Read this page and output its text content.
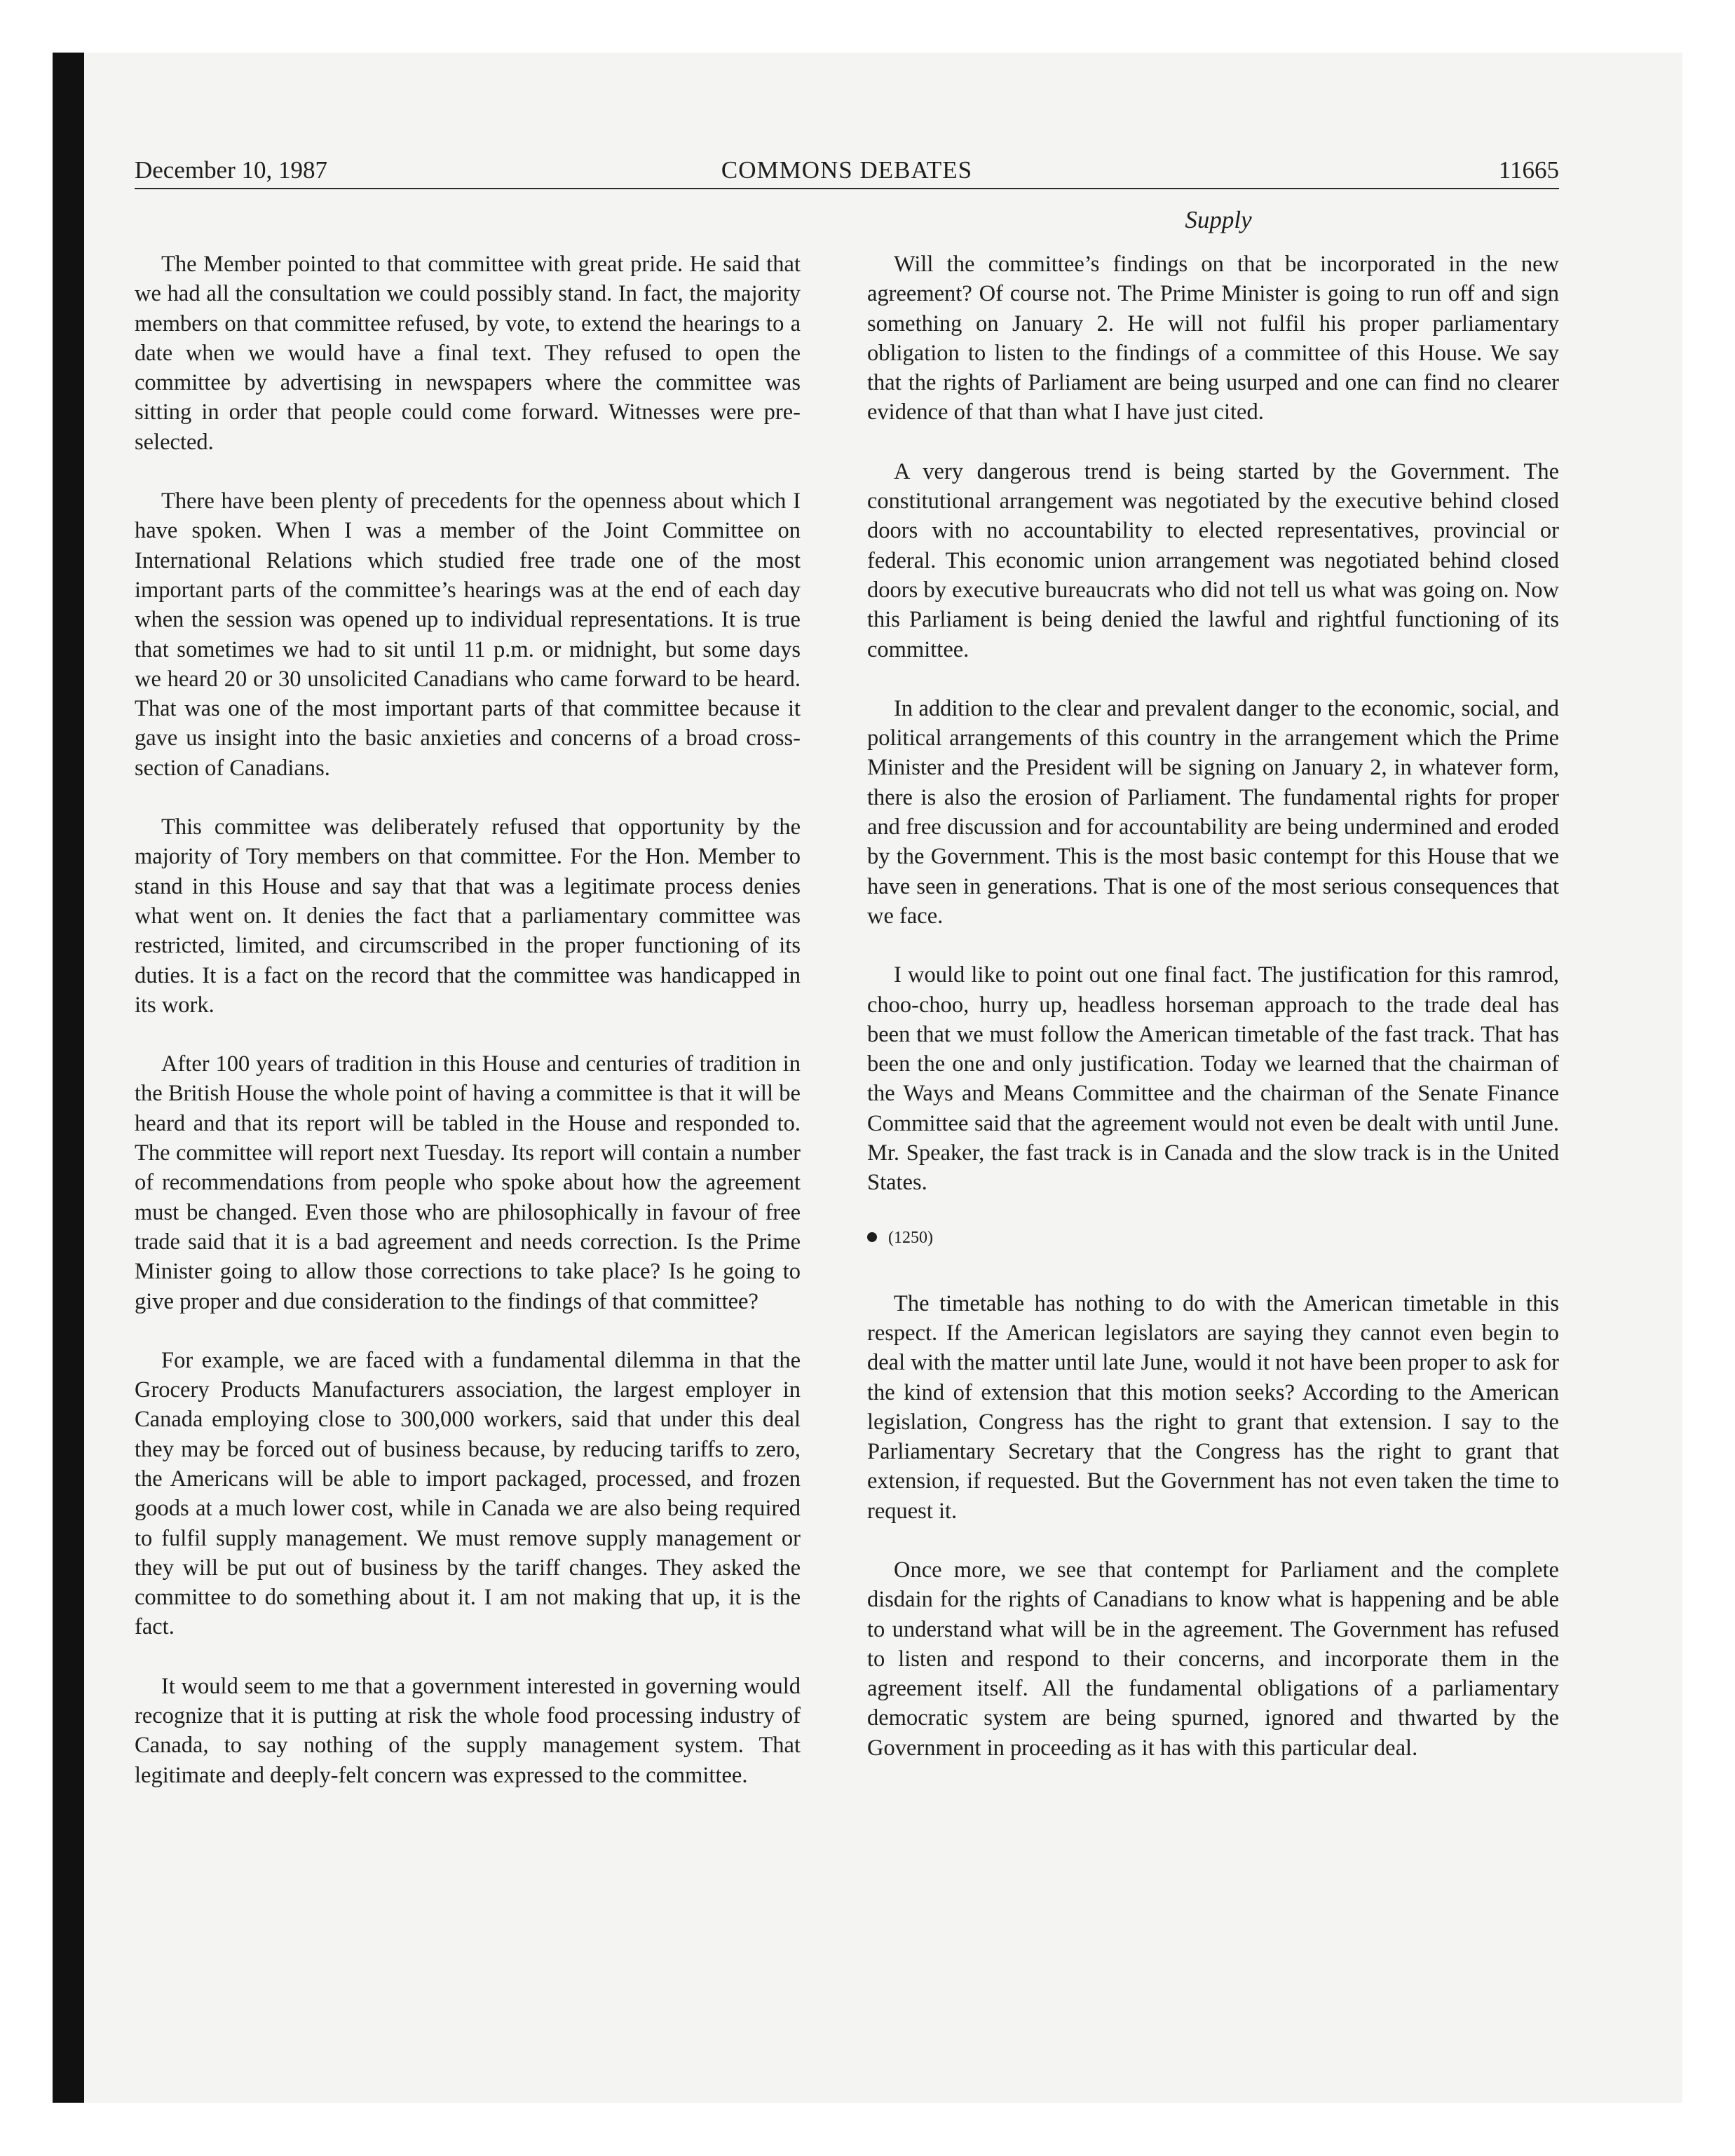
December 10, 1987	COMMONS DEBATES	11665
Supply

The Member pointed to that committee with great pride. He said that we had all the consultation we could possibly stand. In fact, the majority members on that committee refused, by vote, to extend the hearings to a date when we would have a final text. They refused to open the committee by advertising in newspapers where the committee was sitting in order that people could come forward. Witnesses were pre-selected.

There have been plenty of precedents for the openness about which I have spoken. When I was a member of the Joint Committee on International Relations which studied free trade one of the most important parts of the committee’s hearings was at the end of each day when the session was opened up to individual representations. It is true that sometimes we had to sit until 11 p.m. or midnight, but some days we heard 20 or 30 unsolicited Canadians who came forward to be heard. That was one of the most important parts of that committee because it gave us insight into the basic anxieties and concerns of a broad cross-section of Canadians.

This committee was deliberately refused that opportunity by the majority of Tory members on that committee. For the Hon. Member to stand in this House and say that that was a legitimate process denies what went on. It denies the fact that a parliamentary committee was restricted, limited, and circumscribed in the proper functioning of its duties. It is a fact on the record that the committee was handicapped in its work.

After 100 years of tradition in this House and centuries of tradition in the British House the whole point of having a committee is that it will be heard and that its report will be tabled in the House and responded to. The committee will report next Tuesday. Its report will contain a number of recommendations from people who spoke about how the agreement must be changed. Even those who are philosophically in favour of free trade said that it is a bad agreement and needs correction. Is the Prime Minister going to allow those corrections to take place? Is he going to give proper and due consideration to the findings of that committee?

For example, we are faced with a fundamental dilemma in that the Grocery Products Manufacturers association, the largest employer in Canada employing close to 300,000 workers, said that under this deal they may be forced out of business because, by reducing tariffs to zero, the Americans will be able to import packaged, processed, and frozen goods at a much lower cost, while in Canada we are also being required to fulfil supply management. We must remove supply management or they will be put out of business by the tariff changes. They asked the committee to do something about it. I am not making that up, it is the fact.

It would seem to me that a government interested in governing would recognize that it is putting at risk the whole food processing industry of Canada, to say nothing of the supply management system. That legitimate and deeply-felt concern was expressed to the committee.

Will the committee’s findings on that be incorporated in the new agreement? Of course not. The Prime Minister is going to run off and sign something on January 2. He will not fulfil his proper parliamentary obligation to listen to the findings of a committee of this House. We say that the rights of Parliament are being usurped and one can find no clearer evidence of that than what I have just cited.

A very dangerous trend is being started by the Government. The constitutional arrangement was negotiated by the executive behind closed doors with no accountability to elected representatives, provincial or federal. This economic union arrangement was negotiated behind closed doors by executive bureaucrats who did not tell us what was going on. Now this Parliament is being denied the lawful and rightful functioning of its committee.

In addition to the clear and prevalent danger to the economic, social, and political arrangements of this country in the arrangement which the Prime Minister and the President will be signing on January 2, in whatever form, there is also the erosion of Parliament. The fundamental rights for proper and free discussion and for accountability are being undermined and eroded by the Government. This is the most basic contempt for this House that we have seen in generations. That is one of the most serious consequences that we face.

I would like to point out one final fact. The justification for this ramrod, choo-choo, hurry up, headless horseman approach to the trade deal has been that we must follow the American timetable of the fast track. That has been the one and only justification. Today we learned that the chairman of the Ways and Means Committee and the chairman of the Senate Finance Committee said that the agreement would not even be dealt with until June. Mr. Speaker, the fast track is in Canada and the slow track is in the United States.

(1250)

The timetable has nothing to do with the American timetable in this respect. If the American legislators are saying they cannot even begin to deal with the matter until late June, would it not have been proper to ask for the kind of extension that this motion seeks? According to the American legislation, Congress has the right to grant that extension. I say to the Parliamentary Secretary that the Congress has the right to grant that extension, if requested. But the Government has not even taken the time to request it.

Once more, we see that contempt for Parliament and the complete disdain for the rights of Canadians to know what is happening and be able to understand what will be in the agreement. The Government has refused to listen and respond to their concerns, and incorporate them in the agreement itself. All the fundamental obligations of a parliamentary democratic system are being spurned, ignored and thwarted by the Government in proceeding as it has with this particular deal.
